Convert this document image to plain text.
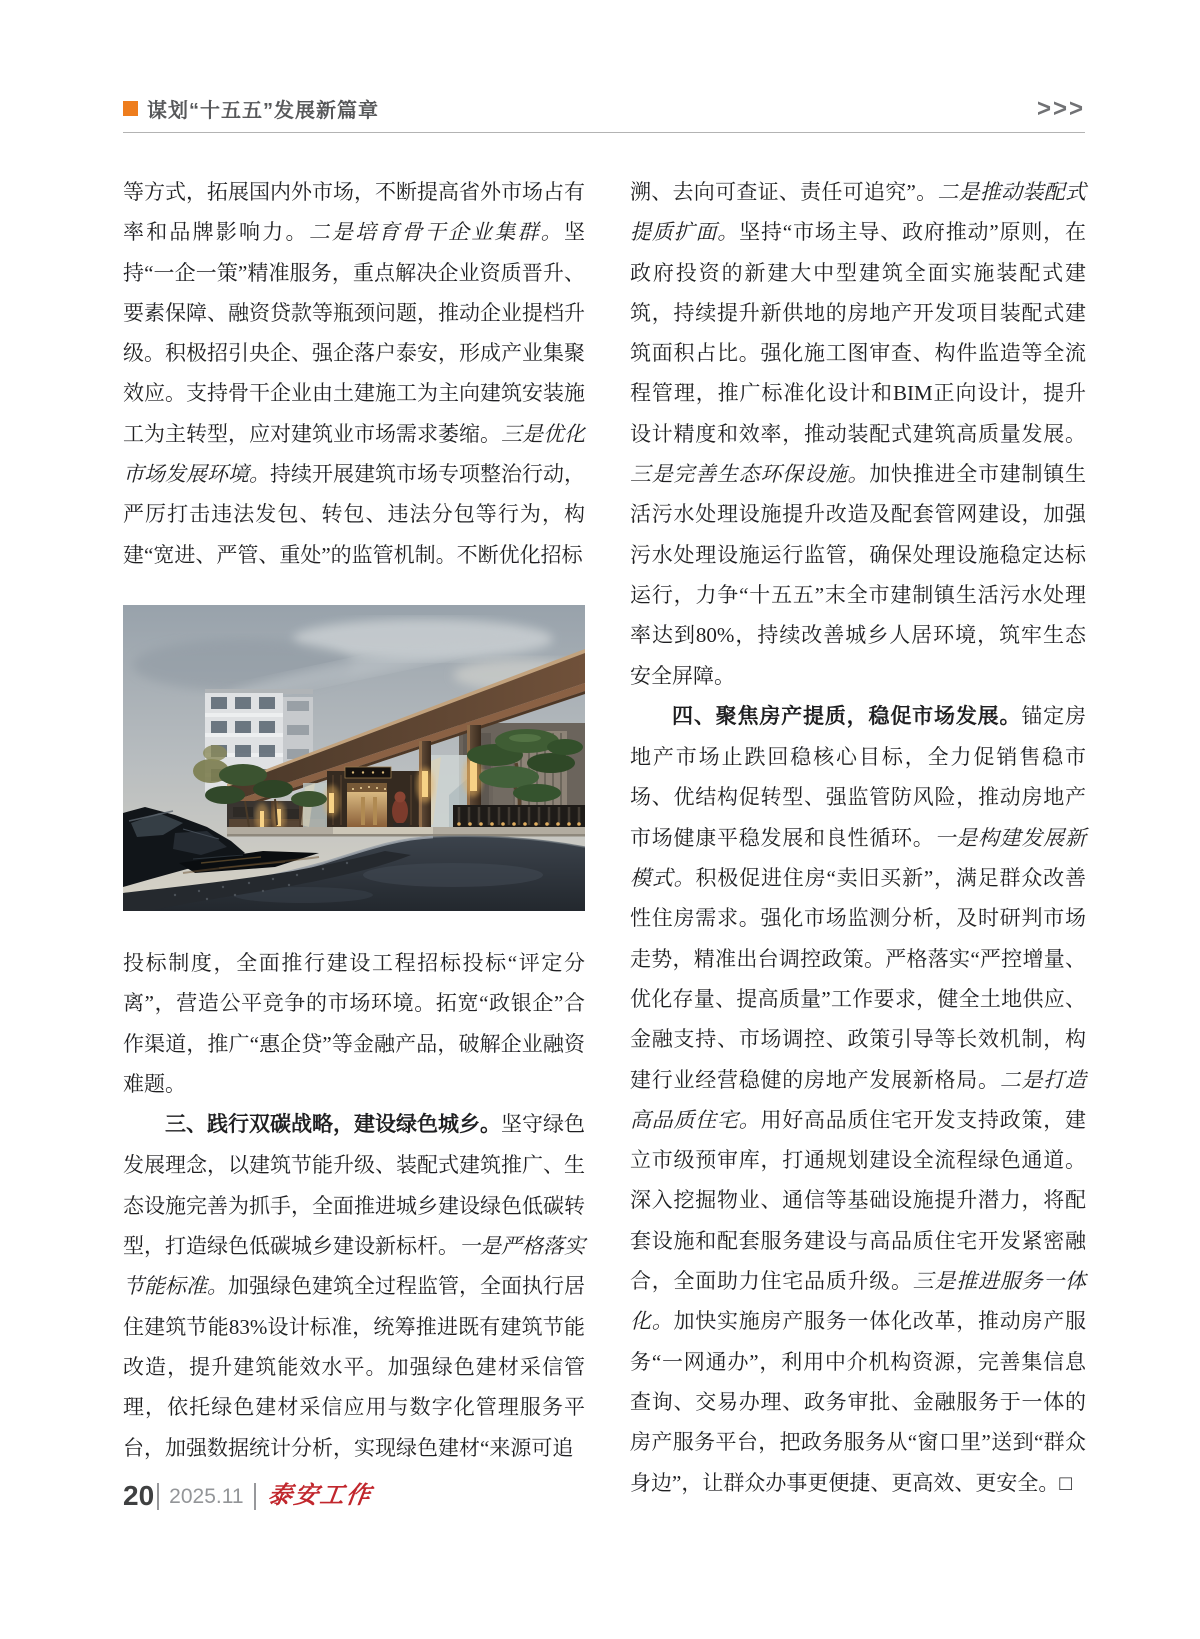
谋划“十五五”发展新篇章	>>>

等方式，拓展国内外市场，不断提高省外市场占有率和品牌影响力。二是培育骨干企业集群。坚持“一企一策”精准服务，重点解决企业资质晋升、要素保障、融资贷款等瓶颈问题，推动企业提档升级。积极招引央企、强企落户泰安，形成产业集聚效应。支持骨干企业由土建施工为主向建筑安装施工为主转型，应对建筑业市场需求萎缩。三是优化市场发展环境。持续开展建筑市场专项整治行动，严厉打击违法发包、转包、违法分包等行为，构建“宽进、严管、重处”的监管机制。不断优化招标

投标制度，全面推行建设工程招标投标“评定分离”，营造公平竞争的市场环境。拓宽“政银企”合作渠道，推广“惠企贷”等金融产品，破解企业融资难题。

三、践行双碳战略，建设绿色城乡。坚守绿色发展理念，以建筑节能升级、装配式建筑推广、生态设施完善为抓手，全面推进城乡建设绿色低碳转型，打造绿色低碳城乡建设新标杆。一是严格落实节能标准。加强绿色建筑全过程监管，全面执行居住建筑节能83%设计标准，统筹推进既有建筑节能改造，提升建筑能效水平。加强绿色建材采信管理，依托绿色建材采信应用与数字化管理服务平台，加强数据统计分析，实现绿色建材“来源可追

溯、去向可查证、责任可追究”。二是推动装配式提质扩面。坚持“市场主导、政府推动”原则，在政府投资的新建大中型建筑全面实施装配式建筑，持续提升新供地的房地产开发项目装配式建筑面积占比。强化施工图审查、构件监造等全流程管理，推广标准化设计和BIM正向设计，提升设计精度和效率，推动装配式建筑高质量发展。三是完善生态环保设施。加快推进全市建制镇生活污水处理设施提升改造及配套管网建设，加强污水处理设施运行监管，确保处理设施稳定达标运行，力争“十五五”末全市建制镇生活污水处理率达到80%，持续改善城乡人居环境，筑牢生态安全屏障。

四、聚焦房产提质，稳促市场发展。锚定房地产市场止跌回稳核心目标，全力促销售稳市场、优结构促转型、强监管防风险，推动房地产市场健康平稳发展和良性循环。一是构建发展新模式。积极促进住房“卖旧买新”，满足群众改善性住房需求。强化市场监测分析，及时研判市场走势，精准出台调控政策。严格落实“严控增量、优化存量、提高质量”工作要求，健全土地供应、金融支持、市场调控、政策引导等长效机制，构建行业经营稳健的房地产发展新格局。二是打造高品质住宅。用好高品质住宅开发支持政策，建立市级预审库，打通规划建设全流程绿色通道。深入挖掘物业、通信等基础设施提升潜力，将配套设施和配套服务建设与高品质住宅开发紧密融合，全面助力住宅品质升级。三是推进服务一体化。加快实施房产服务一体化改革，推动房产服务“一网通办”，利用中介机构资源，完善集信息查询、交易办理、政务审批、金融服务于一体的房产服务平台，把政务服务从“窗口里”送到“群众身边”，让群众办事更便捷、更高效、更安全。□

20 2025.11 泰安工作
